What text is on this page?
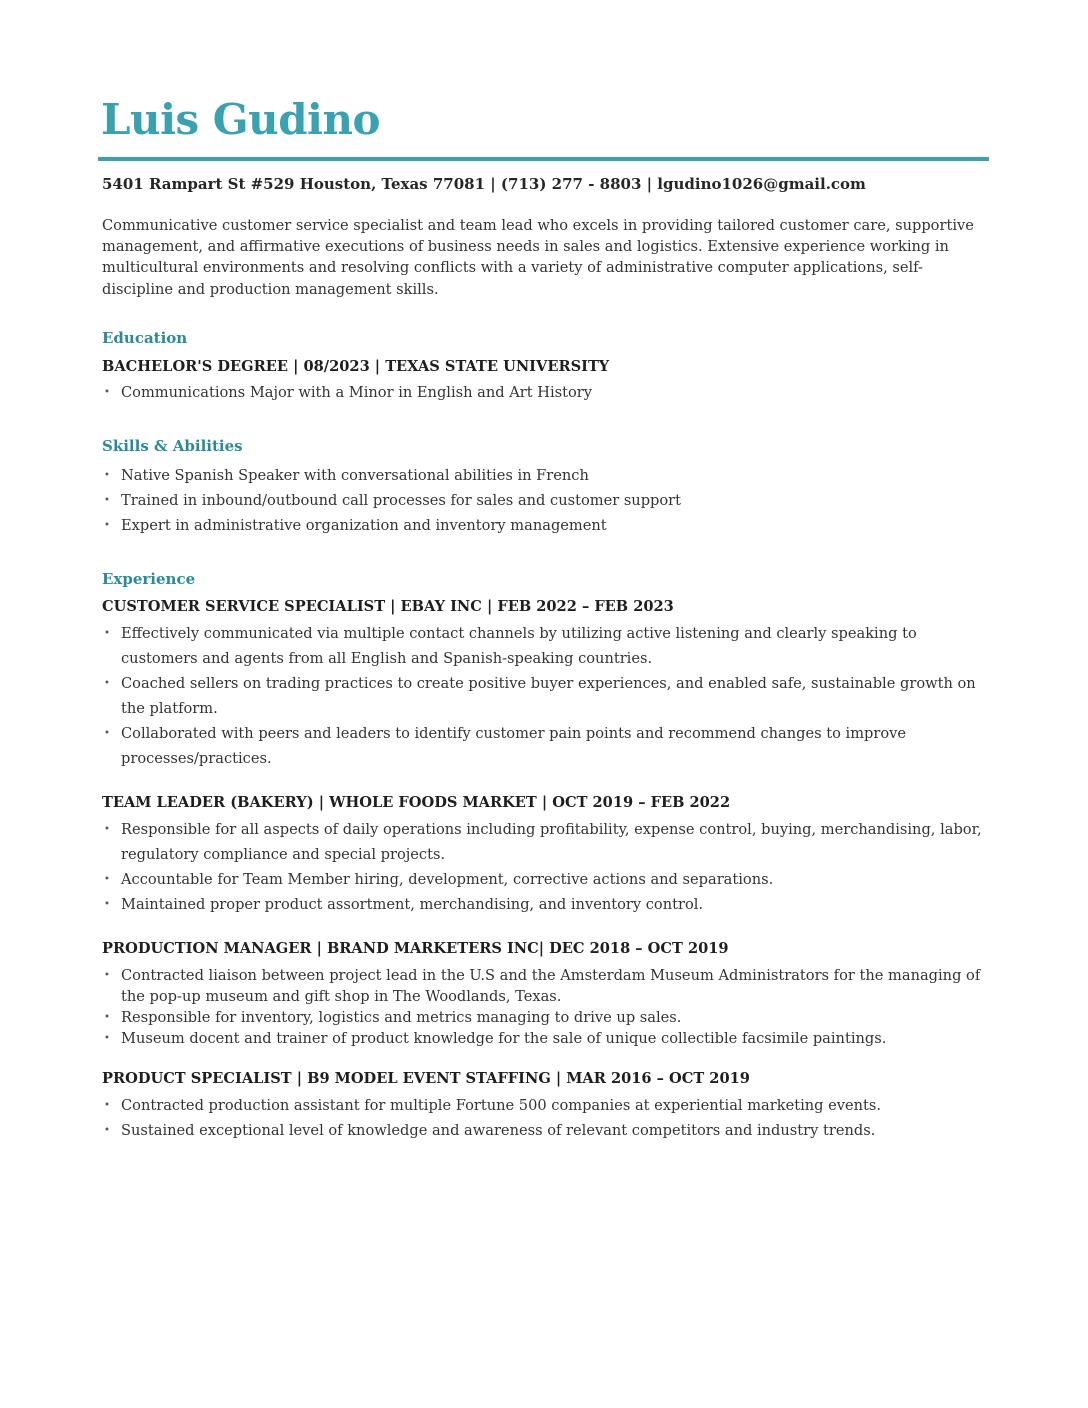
Luis Gudino

5401 Rampart St #529 Houston, Texas 77081 | (713) 277 - 8803 | lgudino1026@gmail.com

Communicative customer service specialist and team lead who excels in providing tailored customer care, supportive management, and affirmative executions of business needs in sales and logistics. Extensive experience working in multicultural environments and resolving conflicts with a variety of administrative computer applications, self-discipline and production management skills.

Education
BACHELOR'S DEGREE | 08/2023 | TEXAS STATE UNIVERSITY
• Communications Major with a Minor in English and Art History
Skills & Abilities
• Native Spanish Speaker with conversational abilities in French
• Trained in inbound/outbound call processes for sales and customer support
• Expert in administrative organization and inventory management
Experience
CUSTOMER SERVICE SPECIALIST | EBAY INC | FEB 2022 – FEB 2023
• Effectively communicated via multiple contact channels by utilizing active listening and clearly speaking to customers and agents from all English and Spanish-speaking countries.
• Coached sellers on trading practices to create positive buyer experiences, and enabled safe, sustainable growth on the platform.
• Collaborated with peers and leaders to identify customer pain points and recommend changes to improve processes/practices.
TEAM LEADER (BAKERY) | WHOLE FOODS MARKET | OCT 2019 – FEB 2022
• Responsible for all aspects of daily operations including profitability, expense control, buying, merchandising, labor, regulatory compliance and special projects.
• Accountable for Team Member hiring, development, corrective actions and separations.
• Maintained proper product assortment, merchandising, and inventory control.
PRODUCTION MANAGER | BRAND MARKETERS INC| DEC 2018 – OCT 2019
• Contracted liaison between project lead in the U.S and the Amsterdam Museum Administrators for the managing of the pop-up museum and gift shop in The Woodlands, Texas.
• Responsible for inventory, logistics and metrics managing to drive up sales.
• Museum docent and trainer of product knowledge for the sale of unique collectible facsimile paintings.
PRODUCT SPECIALIST | B9 MODEL EVENT STAFFING | MAR 2016 – OCT 2019
• Contracted production assistant for multiple Fortune 500 companies at experiential marketing events.
• Sustained exceptional level of knowledge and awareness of relevant competitors and industry trends.
